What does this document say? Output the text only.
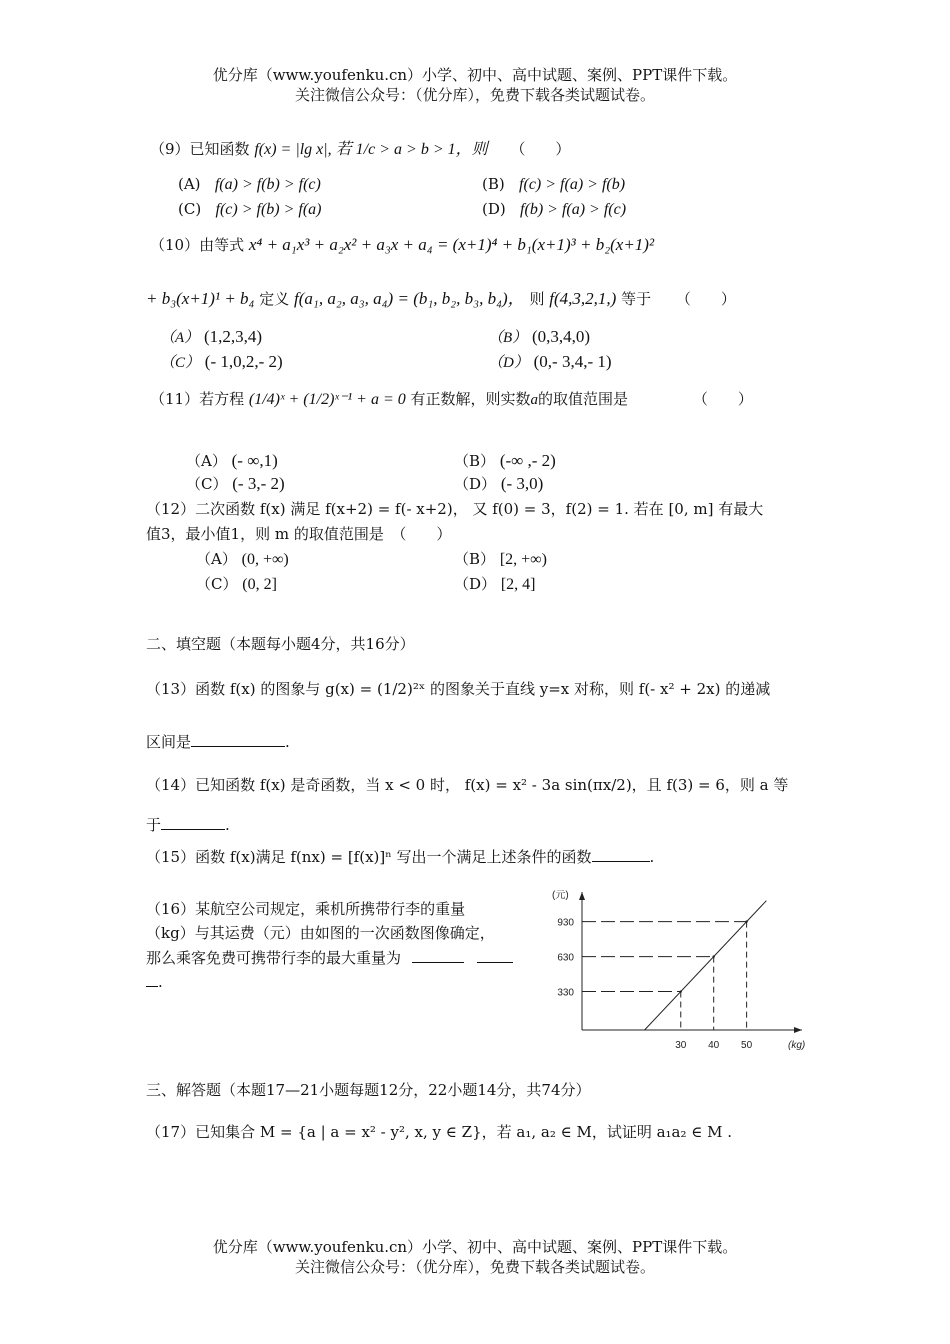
优分库（www.youfenku.cn）小学、初中、高中试题、案例、PPT课件下载。
关注微信公众号：（优分库），免费下载各类试题试卷。
（9）已知函数 f(x) = |lg x|, 若 1/c > a > b > 1，则 （　　）
(A) f(a) > f(b) > f(c)	(B) f(c) > f(a) > f(b)
(C) f(c) > f(b) > f(a)	(D) f(b) > f(a) > f(c)
（10）由等式 x⁴ + a₁x³ + a₂x² + a₃x + a₄ = (x+1)⁴ + b₁(x+1)³ + b₂(x+1)²
+ b₃(x+1)¹ + b₄ 定义 f(a₁, a₂, a₃, a₄) = (b₁, b₂, b₃, b₄)， 则 f(4,3,2,1,) 等于 （　　）
（A） (1,2,3,4)	（B） (0,3,4,0)
（C） (- 1,0,2,- 2)	（D） (0,- 3,4,- 1)
（11）若方程 (1/4)ˣ + (1/2)ˣ⁻¹ + a = 0 有正数解，则实数a的取值范围是	（　　）
（A） (- ∞,1)	（B） (-∞ ,- 2)
（C） (- 3,- 2)	（D） (- 3,0)
（12）二次函数 f(x) 满足 f(x+2) = f(- x+2)， 又 f(0) = 3，f(2) = 1. 若在 [0, m] 有最大
值3，最小值1，则 m 的取值范围是　（　　）
（A） (0, +∞)	（B） [2, +∞)
（C） (0, 2]	（D） [2, 4]
二、填空题（本题每小题4分，共16分）
（13）函数 f(x) 的图象与 g(x) = (1/2)²ˣ 的图象关于直线 y=x 对称，则 f(- x² + 2x) 的递减
区间是	.
（14）已知函数 f(x) 是奇函数，当 x < 0 时， f(x) = x² - 3a sin(πx/2)，且 f(3) = 6，则 a 等
于	.
（15）函数 f(x)满足 f(nx) = [f(x)]ⁿ 写出一个满足上述条件的函数	.
（16）某航空公司规定，乘机所携带行李的重量
（kg）与其运费（元）由如图的一次函数图像确定，
那么乘客免费可携带行李的最大重量为
.
(元)
(kg)
30
330
40
630
50
930
三、解答题（本题17—21小题每题12分，22小题14分，共74分）
（17）已知集合 M = {a | a = x² - y², x, y ∈ Z}，若 a₁, a₂ ∈ M，试证明 a₁a₂ ∈ M .
优分库（www.youfenku.cn）小学、初中、高中试题、案例、PPT课件下载。
关注微信公众号：（优分库），免费下载各类试题试卷。
